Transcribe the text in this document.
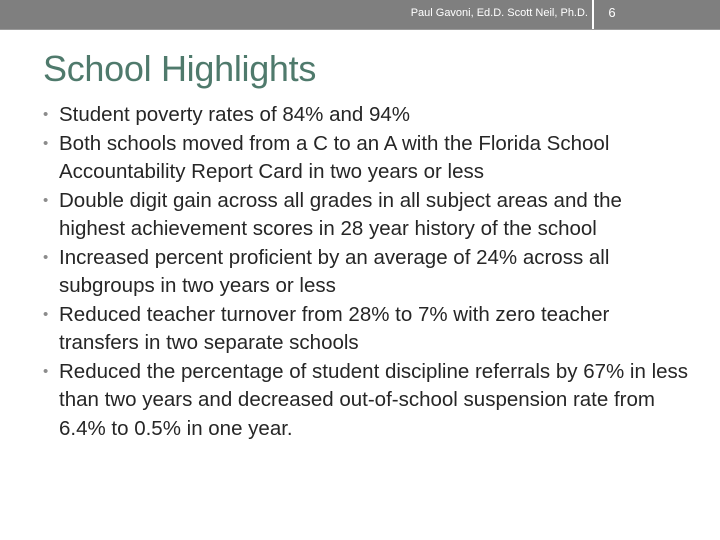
Paul Gavoni, Ed.D. Scott Neil, Ph.D.	6
School Highlights
• Student poverty rates of 84% and 94%
• Both schools moved from a C to an A with the Florida School Accountability Report Card in two years or less
• Double digit gain across all grades in all subject areas and the highest achievement scores in 28 year history of the school
• Increased percent proficient by an average of 24% across all subgroups in two years or less
• Reduced teacher turnover from 28% to 7% with zero teacher transfers in two separate schools
• Reduced the percentage of student discipline referrals by 67% in less than two years and decreased out-of-school suspension rate from 6.4% to 0.5% in one year.
